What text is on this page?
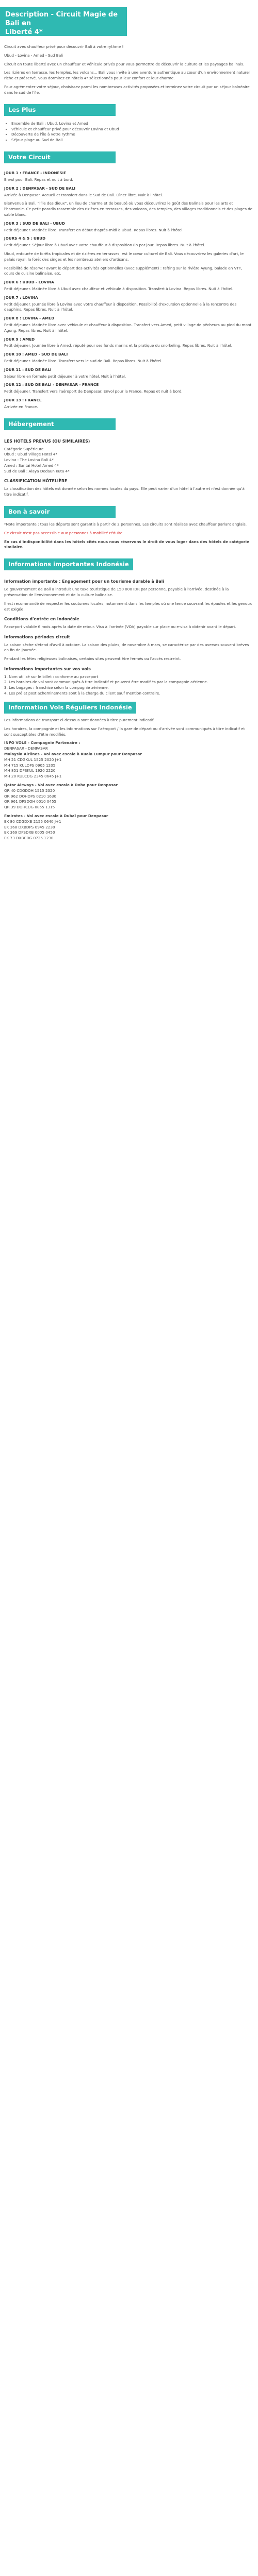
Description - Circuit Magie de Bali en
Liberté 4*

Circuit avec chauffeur privé pour découvrir Bali à votre rythme !

Ubud - Lovina - Amed - Sud Bali

Circuit en toute liberté avec un chauffeur et véhicule privés pour vous permettre de découvrir la culture et les paysages balinais.

Les rizières en terrasse, les temples, les volcans... Bali vous invite à une aventure authentique au cœur d'un environnement naturel riche et préservé. Vous dormirez en hôtels 4* sélectionnés pour leur confort et leur charme.

Pour agrémenter votre séjour, choisissez parmi les nombreuses activités proposées et terminez votre circuit par un séjour balnéaire dans le sud de l'île.

Les Plus
• Ensemble de Bali : Ubud, Lovina et Amed
• Véhicule et chauffeur privé pour découvrir Lovina et Ubud
• Découverte de l'île à votre rythme
• Séjour plage au Sud de Bali
Votre Circuit
JOUR 1 : FRANCE - INDONESIE
Envol pour Bali. Repas et nuit à bord.
JOUR 2 : DENPASAR - SUD DE BALI
Arrivée à Denpasar. Accueil et transfert dans le Sud de Bali. Dîner libre. Nuit à l'hôtel.
Bienvenue à Bali, "l'île des dieux", un lieu de charme et de beauté où vous découvrirez le goût des Balinais pour les arts et l'harmonie. Ce petit paradis rassemble des rizières en terrasses, des volcans, des temples, des villages traditionnels et des plages de sable blanc.
JOUR 3 : SUD DE BALI - UBUD
Petit déjeuner. Matinée libre. Transfert en début d'après-midi à Ubud. Repas libres. Nuit à l'hôtel.
JOURS 4 & 5 : UBUD
Petit déjeuner. Séjour libre à Ubud avec votre chauffeur à disposition 8h par jour. Repas libres. Nuit à l'hôtel.
Ubud, entourée de forêts tropicales et de rizières en terrasses, est le cœur culturel de Bali. Vous découvrirez les galeries d'art, le palais royal, la forêt des singes et les nombreux ateliers d'artisans.
Possibilité de réserver avant le départ des activités optionnelles (avec supplément) : rafting sur la rivière Ayung, balade en VTT, cours de cuisine balinaise, etc.
JOUR 6 : UBUD - LOVINA
Petit déjeuner. Matinée libre à Ubud avec chauffeur et véhicule à disposition. Transfert à Lovina. Repas libres. Nuit à l'hôtel.
JOUR 7 : LOVINA
Petit déjeuner. Journée libre à Lovina avec votre chauffeur à disposition. Possibilité d'excursion optionnelle à la rencontre des dauphins. Repas libres. Nuit à l'hôtel.
JOUR 8 : LOVINA - AMED
Petit déjeuner. Matinée libre avec véhicule et chauffeur à disposition. Transfert vers Amed, petit village de pêcheurs au pied du mont Agung. Repas libres. Nuit à l'hôtel.
JOUR 9 : AMED
Petit déjeuner. Journée libre à Amed, réputé pour ses fonds marins et la pratique du snorkeling. Repas libres. Nuit à l'hôtel.
JOUR 10 : AMED - SUD DE BALI
Petit déjeuner. Matinée libre. Transfert vers le sud de Bali. Repas libres. Nuit à l'hôtel.
JOUR 11 : SUD DE BALI
Séjour libre en formule petit déjeuner à votre hôtel. Nuit à l'hôtel.
JOUR 12 : SUD DE BALI - DENPASAR - FRANCE
Petit déjeuner. Transfert vers l'aéroport de Denpasar. Envol pour la France. Repas et nuit à bord.
JOUR 13 : FRANCE
Arrivée en France.
Hébergement
LES HOTELS PREVUS (OU SIMILAIRES)
Catégorie Supérieure
Ubud : Ubud Village Hotel 4*
Lovina : The Lovina Bali 4*
Amed : Santai Hotel Amed 4*
Sud de Bali : Alaya Dedaun Kuta 4*
CLASSIFICATION HÔTELIÈRE

La classification des hôtels est donnée selon les normes locales du pays. Elle peut varier d'un hôtel à l'autre et n'est donnée qu'à titre indicatif.

Bon à savoir

*Note importante : tous les départs sont garantis à partir de 2 personnes. Les circuits sont réalisés avec chauffeur parlant anglais.

Ce circuit n'est pas accessible aux personnes à mobilité réduite.

En cas d'indisponibilité dans les hôtels cités nous nous réservons le droit de vous loger dans des hôtels de catégorie similaire.

Informations importantes Indonésie
Information importante : Engagement pour un tourisme durable à Bali

Le gouvernement de Bali a introduit une taxe touristique de 150 000 IDR par personne, payable à l'arrivée, destinée à la préservation de l'environnement et de la culture balinaise.

Il est recommandé de respecter les coutumes locales, notamment dans les temples où une tenue couvrant les épaules et les genoux est exigée.

Conditions d'entrée en Indonésie

Passeport valable 6 mois après la date de retour. Visa à l'arrivée (VOA) payable sur place ou e-visa à obtenir avant le départ.

Informations périodes circuit

La saison sèche s'étend d'avril à octobre. La saison des pluies, de novembre à mars, se caractérise par des averses souvent brèves en fin de journée.

Pendant les fêtes religieuses balinaises, certains sites peuvent être fermés ou l'accès restreint.

Informations importantes sur vos vols
1. Nom utilisé sur le billet : conforme au passeport
2. Les horaires de vol sont communiqués à titre indicatif et peuvent être modifiés par la compagnie aérienne.
3. Les bagages : franchise selon la compagnie aérienne.
4. Les pré et post acheminements sont à la charge du client sauf mention contraire.
Information Vols Réguliers Indonésie

Les informations de transport ci-dessous sont données à titre purement indicatif.

Les horaires, la compagnie et les informations sur l'aéroport / la gare de départ ou d'arrivée sont communiqués à titre indicatif et sont susceptibles d'être modifiés.

INFO VOLS - Compagnie Partenaire :
DENPASAR - DENPASAR
Malaysia Airlines - Vol avec escale à Kuala Lumpur pour Denpasar
MH 21 CDGKUL 1525 2020 J+1
MH 715 KULDPS 0905 1205
MH 851 DPSKUL 1920 2220
MH 20 KULCDG 2345 0645 J+1
Qatar Airways - Vol avec escale à Doha pour Denpasar
QR 40 CDGDOH 1515 2320
QR 962 DOHDPS 0210 1630
QR 961 DPSDOH 0010 0455
QR 39 DOHCDG 0855 1315
Emirates - Vol avec escale à Dubaï pour Denpasar
EK 80 CDGDXB 2155 0640 J+1
EK 368 DXBDPS 0945 2230
EK 369 DPSDXB 0005 0450
EK 73 DXBCDG 0725 1230
